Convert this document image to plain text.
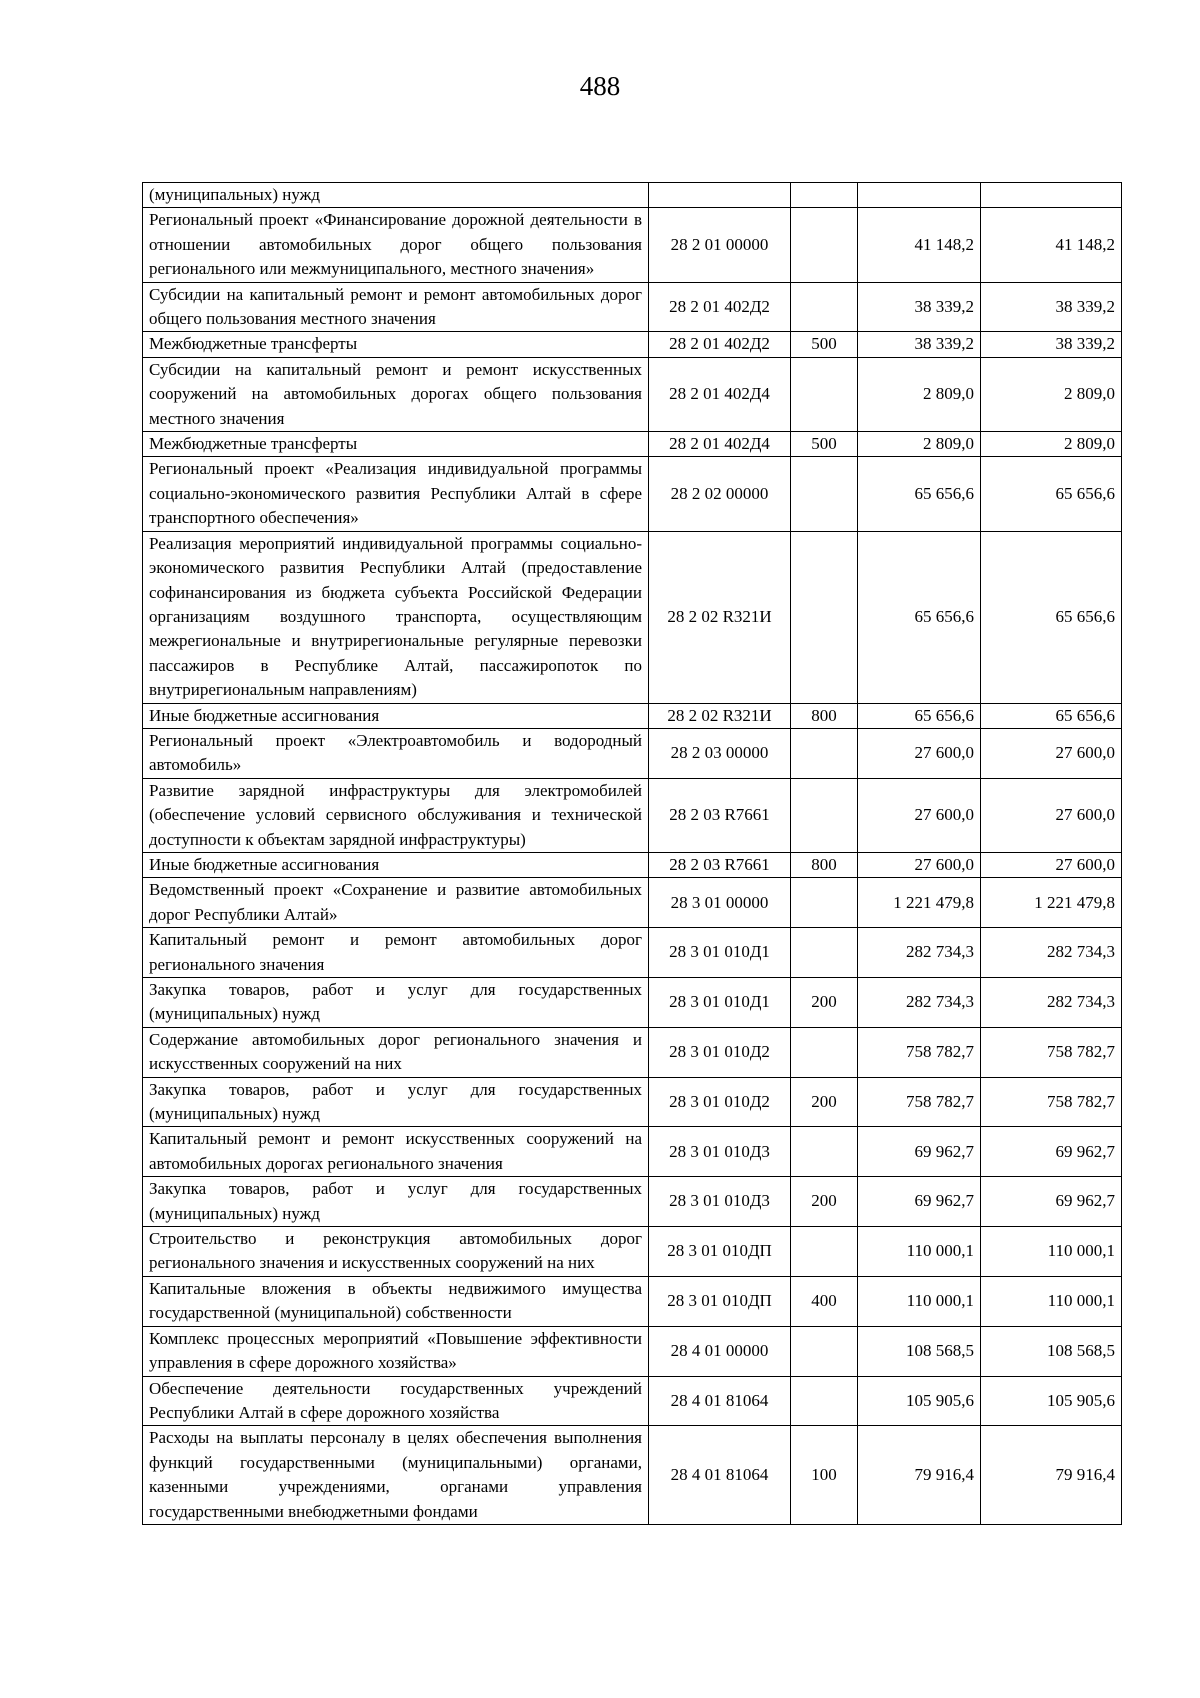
488
(муниципальных) нужд				
Региональный проект «Финансирование дорожной деятельности в отношении автомобильных дорог общего пользования регионального или межмуниципального, местного значения»	28 2 01 00000		41 148,2	41 148,2
Субсидии на капитальный ремонт и ремонт автомобильных дорог общего пользования местного значения	28 2 01 402Д2		38 339,2	38 339,2
Межбюджетные трансферты	28 2 01 402Д2	500	38 339,2	38 339,2
Субсидии на капитальный ремонт и ремонт искусственных сооружений на автомобильных дорогах общего пользования местного значения	28 2 01 402Д4		2 809,0	2 809,0
Межбюджетные трансферты	28 2 01 402Д4	500	2 809,0	2 809,0
Региональный проект «Реализация индивидуальной программы социально-экономического развития Республики Алтай в сфере транспортного обеспечения»	28 2 02 00000		65 656,6	65 656,6
Реализация мероприятий индивидуальной программы социально-экономического развития Республики Алтай (предоставление софинансирования из бюджета субъекта Российской Федерации организациям воздушного транспорта, осуществляющим межрегиональные и внутрирегиональные регулярные перевозки пассажиров в Республике Алтай, пассажиропоток по внутрирегиональным направлениям)	28 2 02 R321И		65 656,6	65 656,6
Иные бюджетные ассигнования	28 2 02 R321И	800	65 656,6	65 656,6
Региональный проект «Электроавтомобиль и водородный автомобиль»	28 2 03 00000		27 600,0	27 600,0
Развитие зарядной инфраструктуры для электромобилей (обеспечение условий сервисного обслуживания и технической доступности к объектам зарядной инфраструктуры)	28 2 03 R7661		27 600,0	27 600,0
Иные бюджетные ассигнования	28 2 03 R7661	800	27 600,0	27 600,0
Ведомственный проект «Сохранение и развитие автомобильных дорог Республики Алтай»	28 3 01 00000		1 221 479,8	1 221 479,8
Капитальный ремонт и ремонт автомобильных дорог регионального значения	28 3 01 010Д1		282 734,3	282 734,3
Закупка товаров, работ и услуг для государственных (муниципальных) нужд	28 3 01 010Д1	200	282 734,3	282 734,3
Содержание автомобильных дорог регионального значения и искусственных сооружений на них	28 3 01 010Д2		758 782,7	758 782,7
Закупка товаров, работ и услуг для государственных (муниципальных) нужд	28 3 01 010Д2	200	758 782,7	758 782,7
Капитальный ремонт и ремонт искусственных сооружений на автомобильных дорогах регионального значения	28 3 01 010Д3		69 962,7	69 962,7
Закупка товаров, работ и услуг для государственных (муниципальных) нужд	28 3 01 010Д3	200	69 962,7	69 962,7
Строительство и реконструкция автомобильных дорог регионального значения и искусственных сооружений на них	28 3 01 010ДП		110 000,1	110 000,1
Капитальные вложения в объекты недвижимого имущества государственной (муниципальной) собственности	28 3 01 010ДП	400	110 000,1	110 000,1
Комплекс процессных мероприятий «Повышение эффективности управления в сфере дорожного хозяйства»	28 4 01 00000		108 568,5	108 568,5
Обеспечение деятельности государственных учреждений Республики Алтай в сфере дорожного хозяйства	28 4 01 81064		105 905,6	105 905,6
Расходы на выплаты персоналу в целях обеспечения выполнения функций государственными (муниципальными) органами, казенными учреждениями, органами управления государственными внебюджетными фондами	28 4 01 81064	100	79 916,4	79 916,4
